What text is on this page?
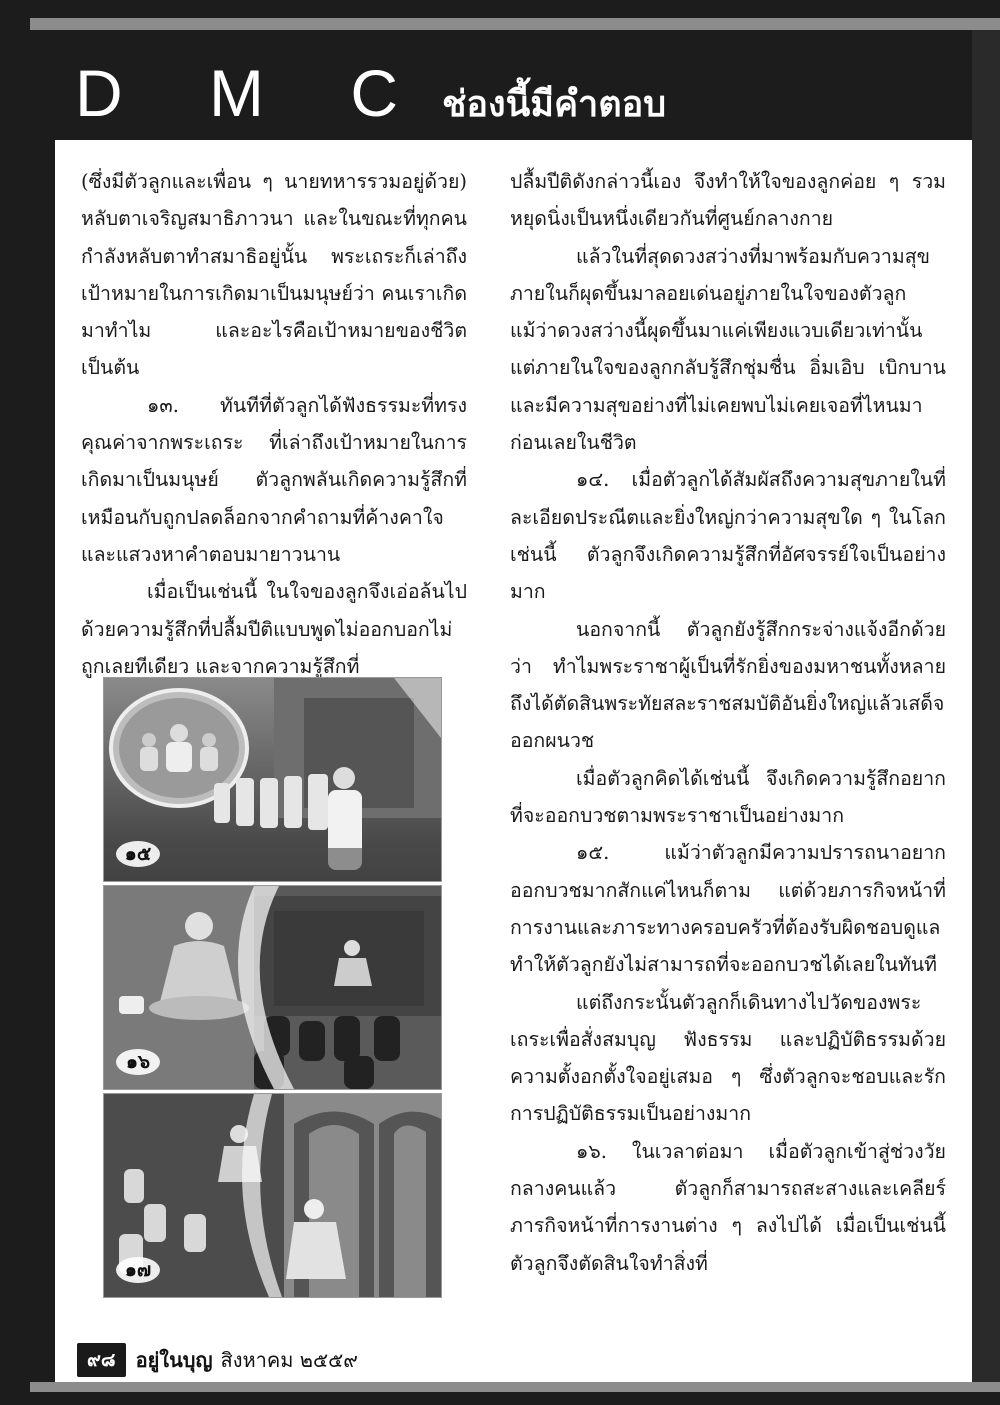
D M C ช่องนี้มีคำตอบ

(ซึ่งมีตัวลูกและเพื่อน ๆ นายทหารรวมอยู่ด้วย) หลับตาเจริญสมาธิภาวนา และในขณะที่ทุกคนกำลังหลับตาทำสมาธิอยู่นั้น พระเถระก็เล่าถึงเป้าหมายในการเกิดมาเป็นมนุษย์ว่า คนเราเกิดมาทำไม และอะไรคือเป้าหมายของชีวิตเป็นต้น

๑๓. ทันทีที่ตัวลูกได้ฟังธรรมะที่ทรงคุณค่าจากพระเถระ ที่เล่าถึงเป้าหมายในการเกิดมาเป็นมนุษย์ ตัวลูกพลันเกิดความรู้สึกที่เหมือนกับถูกปลดล็อกจากคำถามที่ค้างคาใจและแสวงหาคำตอบมายาวนาน

เมื่อเป็นเช่นนี้ ในใจของลูกจึงเอ่อล้นไปด้วยความรู้สึกที่ปลื้มปีติแบบพูดไม่ออกบอกไม่ถูกเลยทีเดียว และจากความรู้สึกที่

๑๕
๑๖
๑๗

ปลื้มปีติดังกล่าวนี้เอง จึงทำให้ใจของลูกค่อย ๆ รวมหยุดนิ่งเป็นหนึ่งเดียวกันที่ศูนย์กลางกาย

แล้วในที่สุดดวงสว่างที่มาพร้อมกับความสุขภายในก็ผุดขึ้นมาลอยเด่นอยู่ภายในใจของตัวลูก แม้ว่าดวงสว่างนี้ผุดขึ้นมาแค่เพียงแวบเดียวเท่านั้น แต่ภายในใจของลูกกลับรู้สึกชุ่มชื่น อิ่มเอิบ เบิกบาน และมีความสุขอย่างที่ไม่เคยพบไม่เคยเจอที่ไหนมาก่อนเลยในชีวิต

๑๔. เมื่อตัวลูกได้สัมผัสถึงความสุขภายในที่ละเอียดประณีตและยิ่งใหญ่กว่าความสุขใด ๆ ในโลกเช่นนี้ ตัวลูกจึงเกิดความรู้สึกที่อัศจรรย์ใจเป็นอย่างมาก

นอกจากนี้ ตัวลูกยังรู้สึกกระจ่างแจ้งอีกด้วยว่า ทำไมพระราชาผู้เป็นที่รักยิ่งของมหาชนทั้งหลายถึงได้ตัดสินพระทัยสละราชสมบัติอันยิ่งใหญ่แล้วเสด็จออกผนวช

เมื่อตัวลูกคิดได้เช่นนี้ จึงเกิดความรู้สึกอยากที่จะออกบวชตามพระราชาเป็นอย่างมาก

๑๕. แม้ว่าตัวลูกมีความปรารถนาอยากออกบวชมากสักแค่ไหนก็ตาม แต่ด้วยภารกิจหน้าที่การงานและภาระทางครอบครัวที่ต้องรับผิดชอบดูแล ทำให้ตัวลูกยังไม่สามารถที่จะออกบวชได้เลยในทันที

แต่ถึงกระนั้นตัวลูกก็เดินทางไปวัดของพระเถระเพื่อสั่งสมบุญ ฟังธรรม และปฏิบัติธรรมด้วยความตั้งอกตั้งใจอยู่เสมอ ๆ ซึ่งตัวลูกจะชอบและรักการปฏิบัติธรรมเป็นอย่างมาก

๑๖. ในเวลาต่อมา เมื่อตัวลูกเข้าสู่ช่วงวัยกลางคนแล้ว ตัวลูกก็สามารถสะสางและเคลียร์ภารกิจหน้าที่การงานต่าง ๆ ลงไปได้ เมื่อเป็นเช่นนี้ ตัวลูกจึงตัดสินใจทำสิ่งที่

๙๘	อยู่ในบุญ สิงหาคม ๒๕๕๙
